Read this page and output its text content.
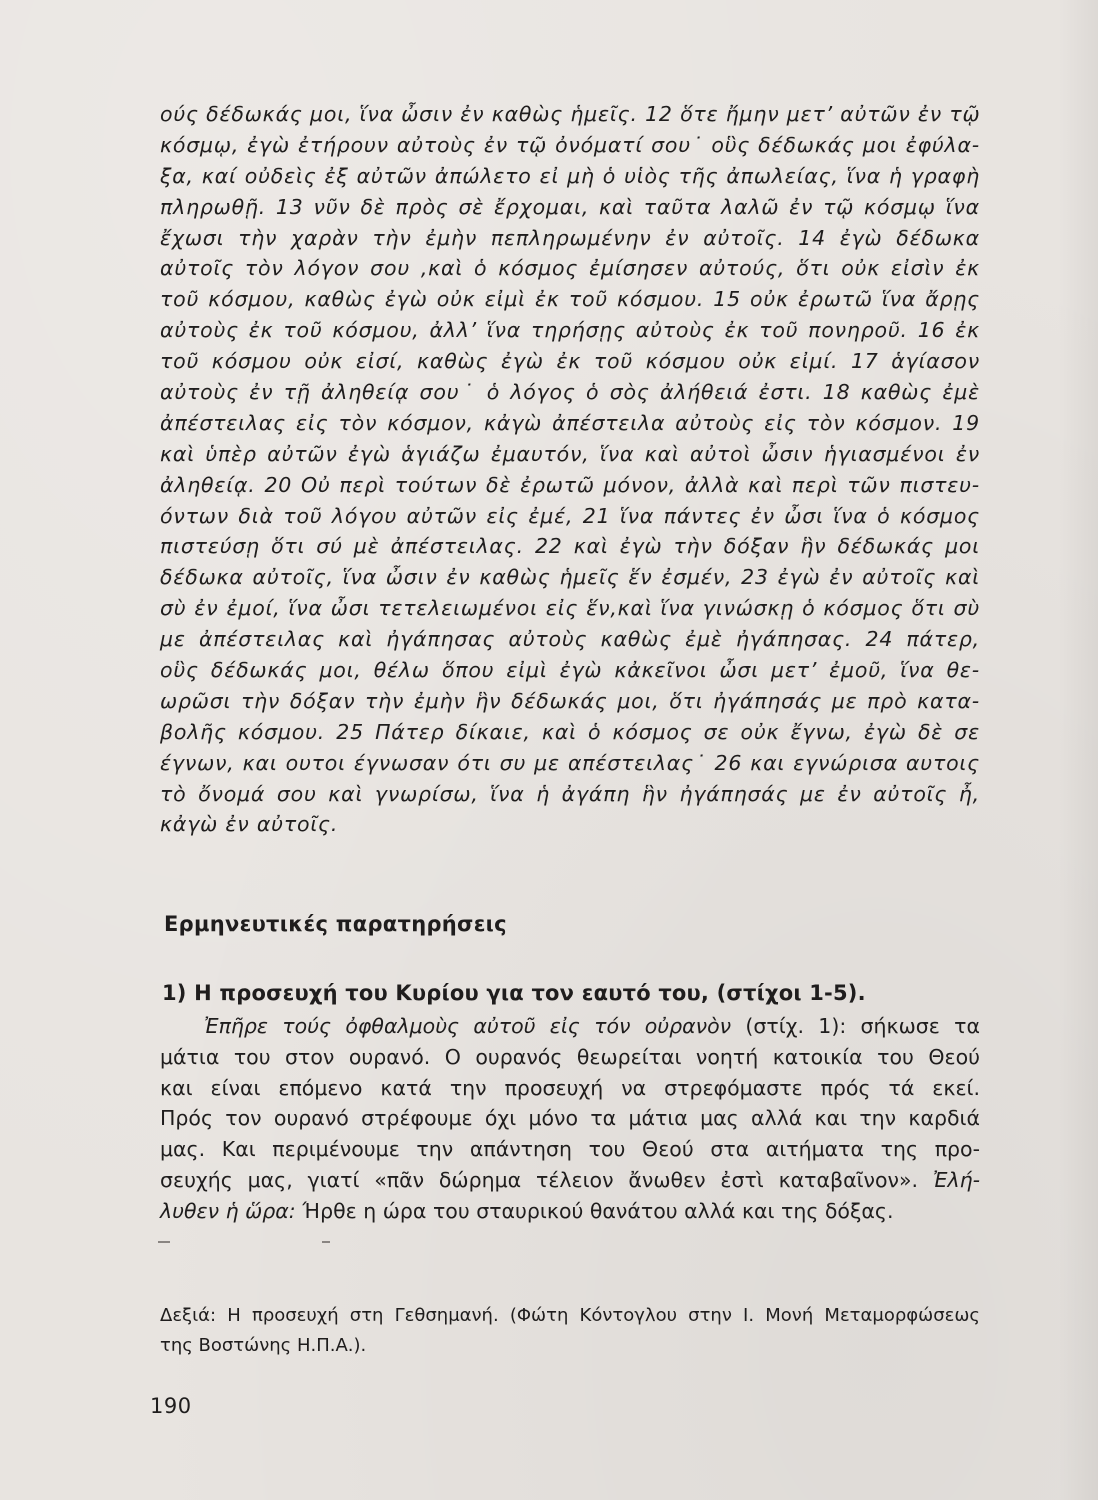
ούς δέδωκάς μοι, ἵνα ὦσιν ἐν καθὼς ἡμεῖς. 12 ὅτε ἤμην μετ’ αὐτῶν ἐν τῷ
κόσμῳ, ἐγὼ ἐτήρουν αὐτοὺς ἐν τῷ ὀνόματί σου˙ οὓς δέδωκάς μοι ἐφύλα-
ξα, καί οὐδεὶς ἐξ αὐτῶν ἀπώλετο εἰ μὴ ὁ υἱὸς τῆς ἀπωλείας, ἵνα ἡ γραφὴ
πληρωθῇ. 13 νῦν δὲ πρὸς σὲ ἔρχομαι, καὶ ταῦτα λαλῶ ἐν τῷ κόσμῳ ἵνα
ἔχωσι τὴν χαρὰν τὴν ἐμὴν πεπληρωμένην ἐν αὐτοῖς. 14 ἐγὼ δέδωκα
αὐτοῖς τὸν λόγον σου ,καὶ ὁ κόσμος ἐμίσησεν αὐτούς, ὅτι οὐκ εἰσὶν ἐκ
τοῦ κόσμου, καθὼς ἐγὼ οὐκ εἰμὶ ἐκ τοῦ κόσμου. 15 οὐκ ἐρωτῶ ἵνα ἄρῃς
αὐτοὺς ἐκ τοῦ κόσμου, ἀλλ’ ἵνα τηρήσῃς αὐτοὺς ἐκ τοῦ πονηροῦ. 16 ἐκ
τοῦ κόσμου οὐκ εἰσί, καθὼς ἐγὼ ἐκ τοῦ κόσμου οὐκ εἰμί. 17 ἁγίασον
αὐτοὺς ἐν τῇ ἀληθείᾳ σου˙ ὁ λόγος ὁ σὸς ἀλήθειά ἐστι. 18 καθὼς ἐμὲ
ἀπέστειλας εἰς τὸν κόσμον, κἀγὼ ἀπέστειλα αὐτοὺς εἰς τὸν κόσμον. 19
καὶ ὑπὲρ αὐτῶν ἐγὼ ἁγιάζω ἐμαυτόν, ἵνα καὶ αὐτοὶ ὦσιν ἡγιασμένοι ἐν
ἀληθείᾳ. 20 Οὐ περὶ τούτων δὲ ἐρωτῶ μόνον, ἀλλὰ καὶ περὶ τῶν πιστευ-
όντων διὰ τοῦ λόγου αὐτῶν εἰς ἐμέ, 21 ἵνα πάντες ἐν ὦσι ἵνα ὁ κόσμος
πιστεύσῃ ὅτι σύ μὲ ἀπέστειλας. 22 καὶ ἐγὼ τὴν δόξαν ἣν δέδωκάς μοι
δέδωκα αὐτοῖς, ἵνα ὦσιν ἐν καθὼς ἡμεῖς ἕν ἐσμέν, 23 ἐγὼ ἐν αὐτοῖς καὶ
σὺ ἐν ἐμοί, ἵνα ὦσι τετελειωμένοι εἰς ἕν,καὶ ἵνα γινώσκῃ ὁ κόσμος ὅτι σὺ
με ἀπέστειλας καὶ ἠγάπησας αὐτοὺς καθὼς ἐμὲ ἠγάπησας. 24 πάτερ,
οὓς δέδωκάς μοι, θέλω ὅπου εἰμὶ ἐγὼ κἀκεῖνοι ὦσι μετ’ ἐμοῦ, ἵνα θε-
ωρῶσι τὴν δόξαν τὴν ἐμὴν ἣν δέδωκάς μοι, ὅτι ἠγάπησάς με πρὸ κατα-
βολῆς κόσμου. 25 Πάτερ δίκαιε, καὶ ὁ κόσμος σε οὐκ ἔγνω, ἐγὼ δὲ σε
έγνων, και ουτοι έγνωσαν ότι συ με απέστειλας˙ 26 και εγνώρισα αυτοις
τὸ ὄνομά σου καὶ γνωρίσω, ἵνα ἡ ἀγάπη ἣν ἠγάπησάς με ἐν αὐτοῖς ἦ,
κἀγὼ ἐν αὐτοῖς.
Ερμηνευτικές παρατηρήσεις
1) Η προσευχή του Κυρίου για τον εαυτό του, (στίχοι 1-5).
Ἐπῆρε τούς ὀφθαλμοὺς αὐτοῦ εἰς τόν οὐρανὸν (στίχ. 1): σήκωσε τα
μάτια του στον ουρανό. Ο ουρανός θεωρείται νοητή κατοικία του Θεού
και είναι επόμενο κατά την προσευχή να στρεφόμαστε πρός τά εκεί.
Πρός τον ουρανό στρέφουμε όχι μόνο τα μάτια μας αλλά και την καρδιά
μας. Και περιμένουμε την απάντηση του Θεού στα αιτήματα της προ-
σευχής μας, γιατί «πᾶν δώρημα τέλειον ἄνωθεν ἐστὶ καταβαῖνον». Ἐλή-
λυθεν ἡ ὥρα: Ήρθε η ώρα του σταυρικού θανάτου αλλά και της δόξας.
Δεξιά: Η προσευχή στη Γεθσημανή. (Φώτη Κόντογλου στην Ι. Μονή Μεταμορφώσεως
της Βοστώνης Η.Π.Α.).
190
